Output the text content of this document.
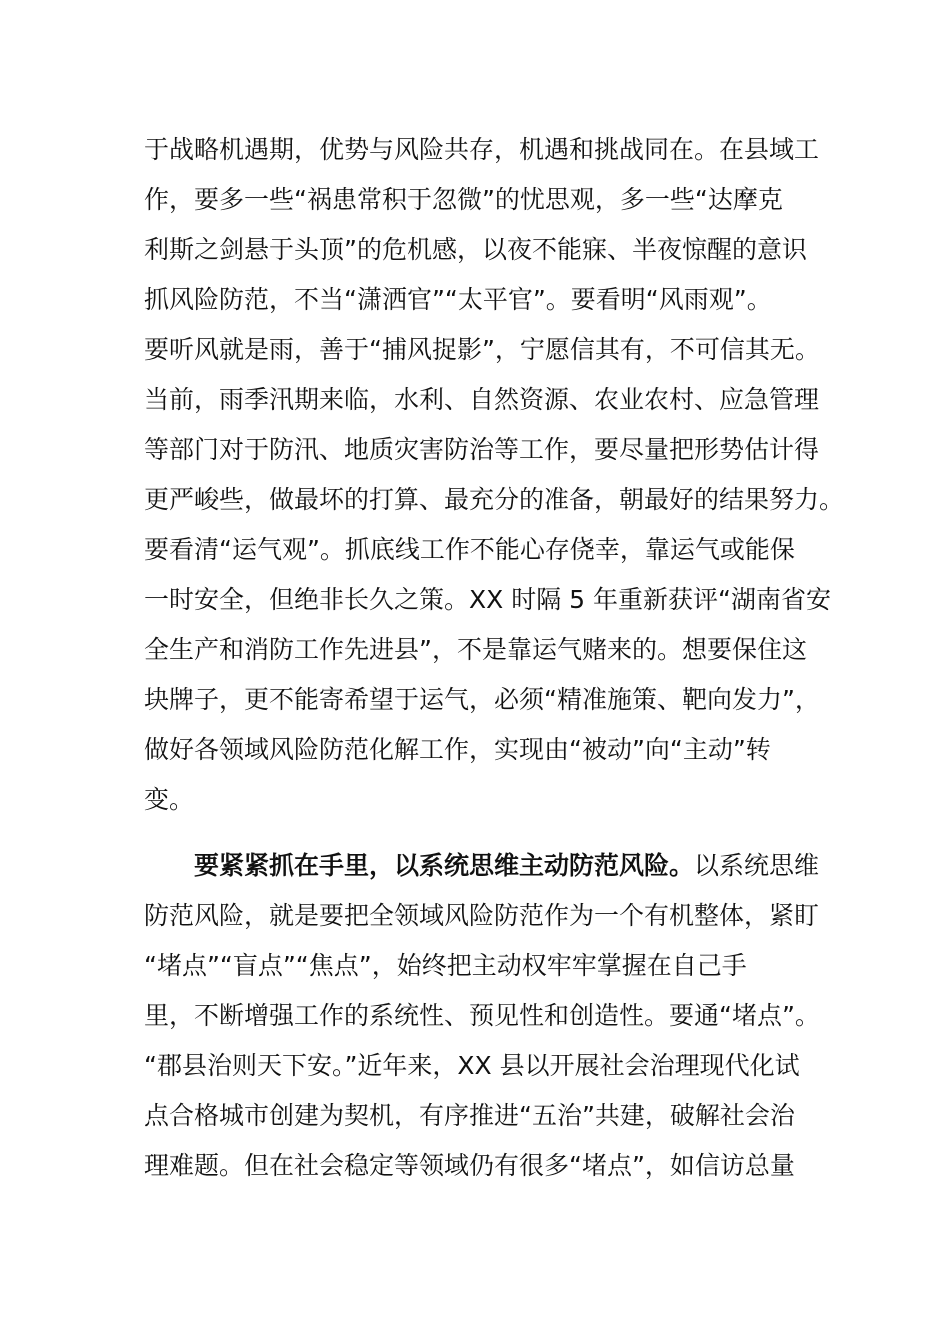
于战略机遇期，优势与风险共存，机遇和挑战同在。在县域工
作，要多一些“祸患常积于忽微”的忧思观，多一些“达摩克
利斯之剑悬于头顶”的危机感，以夜不能寐、半夜惊醒的意识
抓风险防范，不当“潇洒官”“太平官”。要看明“风雨观”。
要听风就是雨，善于“捕风捉影”，宁愿信其有，不可信其无。
当前，雨季汛期来临，水利、自然资源、农业农村、应急管理
等部门对于防汛、地质灾害防治等工作，要尽量把形势估计得
更严峻些，做最坏的打算、最充分的准备，朝最好的结果努力。
要看清“运气观”。抓底线工作不能心存侥幸，靠运气或能保
一时安全，但绝非长久之策。XX 时隔 5 年重新获评“湖南省安
全生产和消防工作先进县”，不是靠运气赌来的。想要保住这
块牌子，更不能寄希望于运气，必须“精准施策、靶向发力”，
做好各领域风险防范化解工作，实现由“被动”向“主动”转
变。
要紧紧抓在手里，以系统思维主动防范风险。以系统思维
防范风险，就是要把全领域风险防范作为一个有机整体，紧盯
“堵点”“盲点”“焦点”，始终把主动权牢牢掌握在自己手
里，不断增强工作的系统性、预见性和创造性。要通“堵点”。
“郡县治则天下安。”近年来，XX 县以开展社会治理现代化试
点合格城市创建为契机，有序推进“五治”共建，破解社会治
理难题。但在社会稳定等领域仍有很多“堵点”，如信访总量
